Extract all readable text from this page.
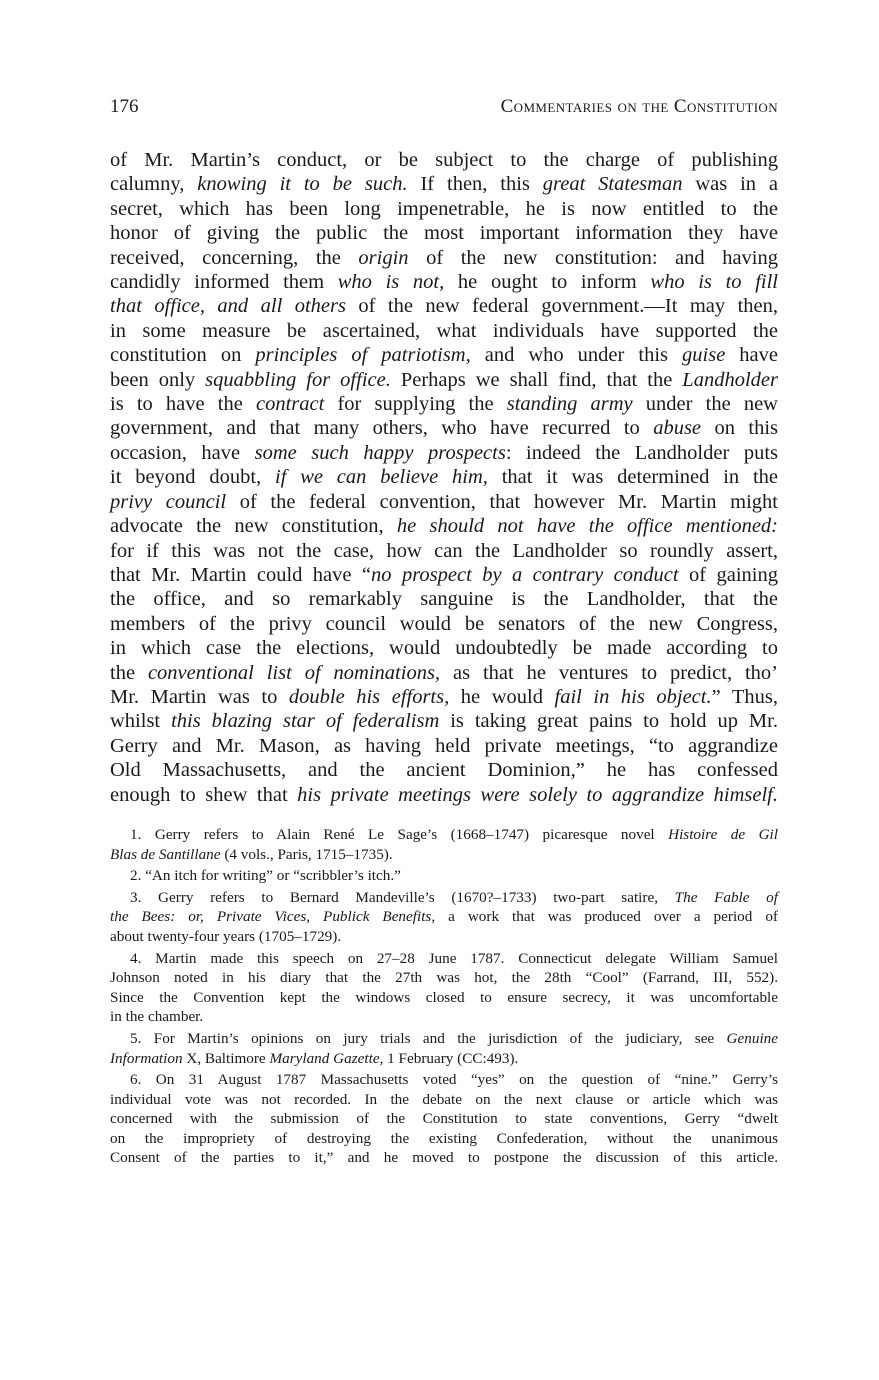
176	Commentaries on the Constitution
of Mr. Martin’s conduct, or be subject to the charge of publishing
calumny, knowing it to be such. If then, this great Statesman was in a
secret, which has been long impenetrable, he is now entitled to the
honor of giving the public the most important information they have
received, concerning, the origin of the new constitution: and having
candidly informed them who is not, he ought to inform who is to fill
that office, and all others of the new federal government.—It may then,
in some measure be ascertained, what individuals have supported the
constitution on principles of patriotism, and who under this guise have
been only squabbling for office. Perhaps we shall find, that the Landholder
is to have the contract for supplying the standing army under the new
government, and that many others, who have recurred to abuse on this
occasion, have some such happy prospects: indeed the Landholder puts
it beyond doubt, if we can believe him, that it was determined in the
privy council of the federal convention, that however Mr. Martin might
advocate the new constitution, he should not have the office mentioned:
for if this was not the case, how can the Landholder so roundly assert,
that Mr. Martin could have “no prospect by a contrary conduct of gaining
the office, and so remarkably sanguine is the Landholder, that the
members of the privy council would be senators of the new Congress,
in which case the elections, would undoubtedly be made according to
the conventional list of nominations, as that he ventures to predict, tho’
Mr. Martin was to double his efforts, he would fail in his object.” Thus,
whilst this blazing star of federalism is taking great pains to hold up Mr.
Gerry and Mr. Mason, as having held private meetings, “to aggrandize
Old Massachusetts, and the ancient Dominion,” he has confessed
enough to shew that his private meetings were solely to aggrandize himself.
1. Gerry refers to Alain René Le Sage’s (1668–1747) picaresque novel Histoire de Gil
Blas de Santillane (4 vols., Paris, 1715–1735).
2. “An itch for writing” or “scribbler’s itch.”
3. Gerry refers to Bernard Mandeville’s (1670?–1733) two-part satire, The Fable of
the Bees: or, Private Vices, Publick Benefits, a work that was produced over a period of
about twenty-four years (1705–1729).
4. Martin made this speech on 27–28 June 1787. Connecticut delegate William Samuel
Johnson noted in his diary that the 27th was hot, the 28th “Cool” (Farrand, III, 552).
Since the Convention kept the windows closed to ensure secrecy, it was uncomfortable
in the chamber.
5. For Martin’s opinions on jury trials and the jurisdiction of the judiciary, see Genuine
Information X, Baltimore Maryland Gazette, 1 February (CC:493).
6. On 31 August 1787 Massachusetts voted “yes” on the question of “nine.” Gerry’s
individual vote was not recorded. In the debate on the next clause or article which was
concerned with the submission of the Constitution to state conventions, Gerry “dwelt
on the impropriety of destroying the existing Confederation, without the unanimous
Consent of the parties to it,” and he moved to postpone the discussion of this article.
